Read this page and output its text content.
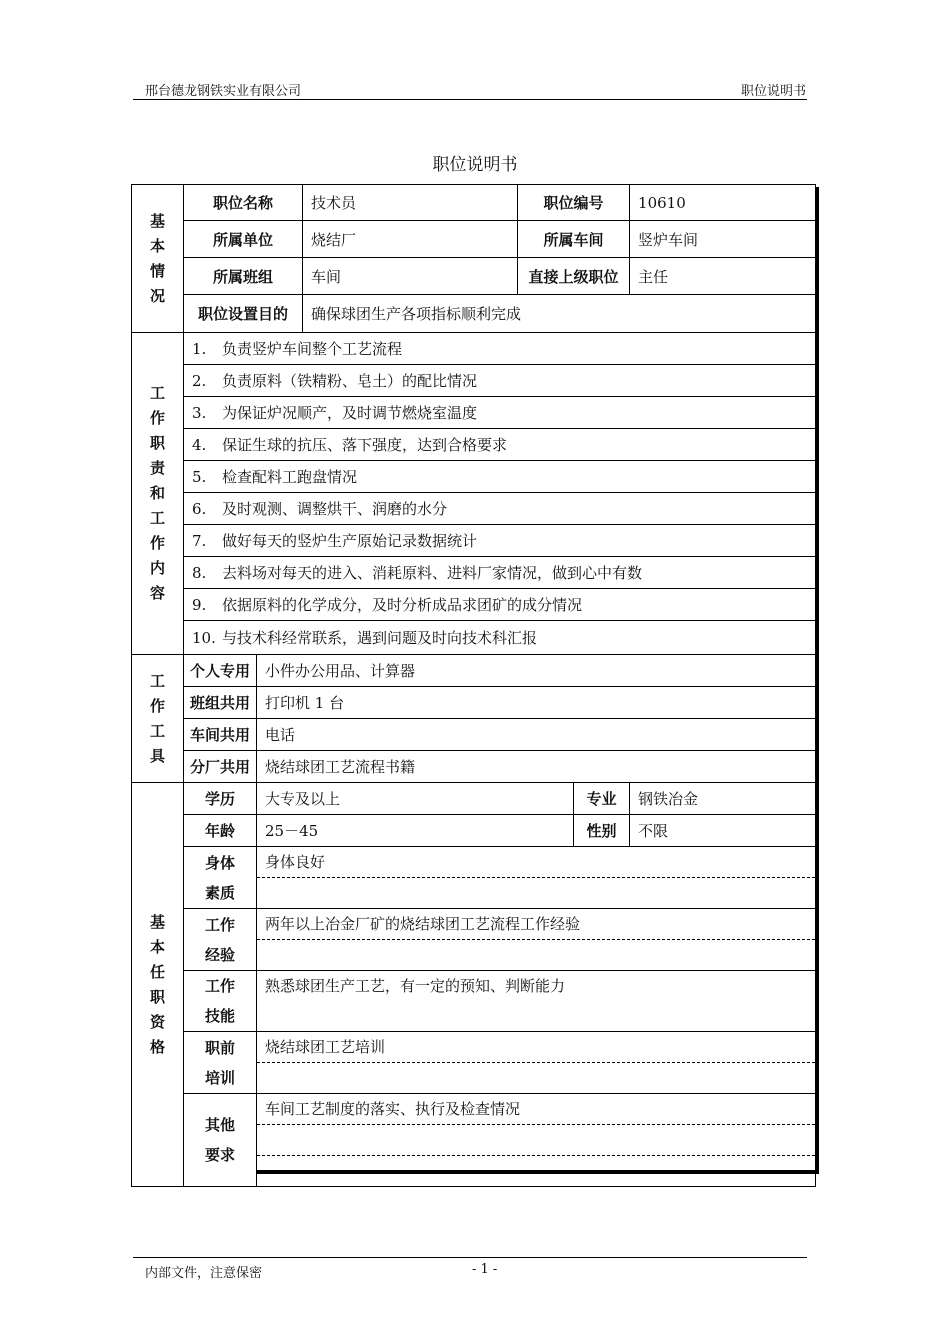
邢台德龙钢铁实业有限公司	职位说明书
职位说明书
基本情况	职位名称		技术员	职位编号		10610
	所属单位		烧结厂	所属车间		竖炉车间
	所属班组		车间	直接上级职位		主任
	职位设置目的		确保球团生产各项指标顺利完成			

工作职责和工作内容	1. 负责竖炉车间整个工艺流程					
	2. 负责原料（铁精粉、皂土）的配比情况					
	3. 为保证炉况顺产，及时调节燃烧室温度					
	4. 保证生球的抗压、落下强度，达到合格要求					
	5. 检查配料工跑盘情况					
	6. 及时观测、调整烘干、润磨的水分					
	7. 做好每天的竖炉生产原始记录数据统计					
	8. 去料场对每天的进入、消耗原料、进料厂家情况，做到心中有数					
	9. 依据原料的化学成分，及时分析成品求团矿的成分情况					
	10. 与技术科经常联系，遇到问题及时向技术科汇报					

工作工具	个人专用	小件办公用品、计算器				
	班组共用	打印机 1 台				
	车间共用	电话				
	分厂共用	烧结球团工艺流程书籍				

基本任职资格	学历	大专及以上			专业	钢铁冶金
	年龄	25－45			性别	不限

	身体
素质	身体良好				

	工作
经验	两年以上冶金厂矿的烧结球团工艺流程工作经验				

	工作
技能	熟悉球团生产工艺，有一定的预知、判断能力				

	职前
培训	烧结球团工艺培训				

	其他
要求	车间工艺制度的落实、执行及检查情况				
内部文件，注意保密	- 1 -
